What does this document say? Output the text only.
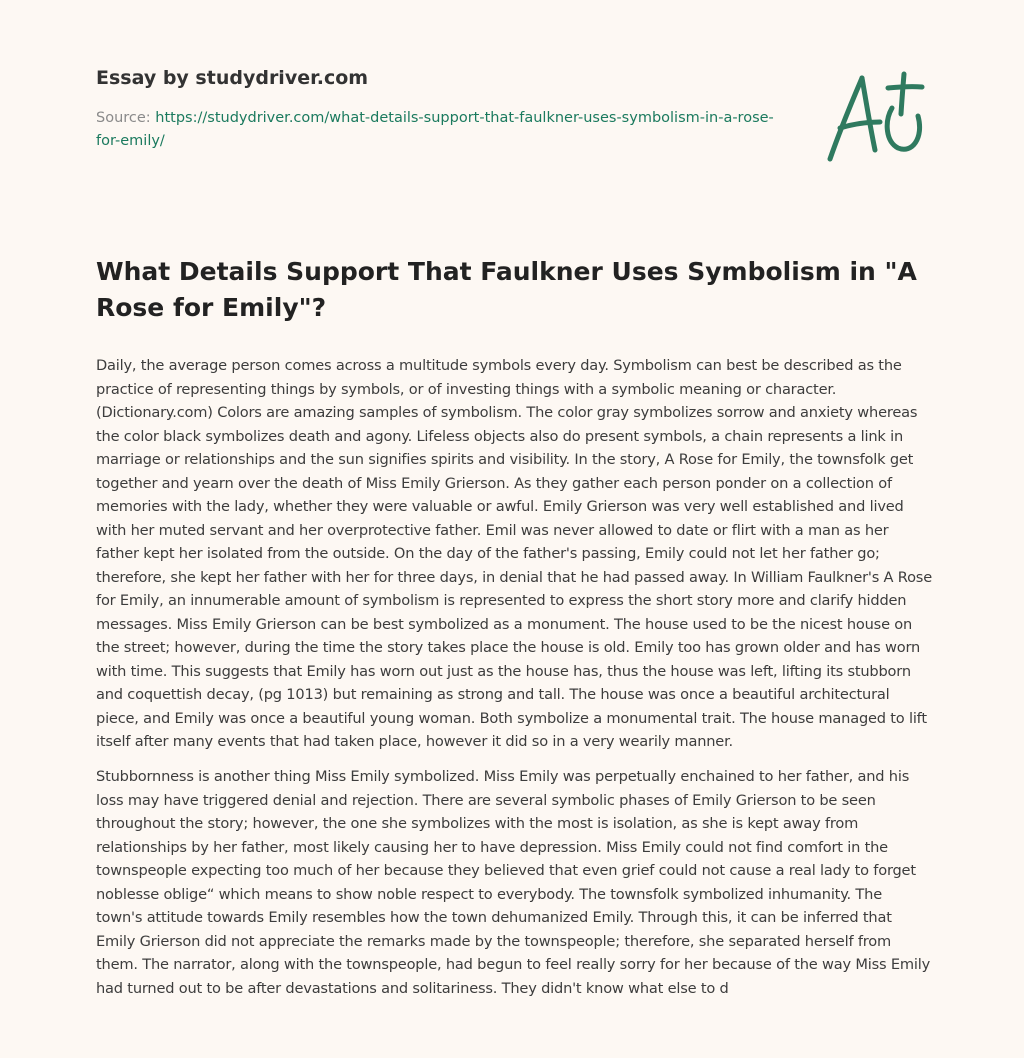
Essay by studydriver.com
Source: https://studydriver.com/what-details-support-that-faulkner-uses-symbolism-in-a-rose-for-emily/
What Details Support That Faulkner Uses Symbolism in "A Rose for Emily"?

Daily, the average person comes across a multitude symbols every day. Symbolism can best be described as the practice of representing things by symbols, or of investing things with a symbolic meaning or character. (Dictionary.com) Colors are amazing samples of symbolism. The color gray symbolizes sorrow and anxiety whereas the color black symbolizes death and agony. Lifeless objects also do present symbols, a chain represents a link in marriage or relationships and the sun signifies spirits and visibility. In the story, A Rose for Emily, the townsfolk get together and yearn over the death of Miss Emily Grierson. As they gather each person ponder on a collection of memories with the lady, whether they were valuable or awful. Emily Grierson was very well established and lived with her muted servant and her overprotective father. Emil was never allowed to date or flirt with a man as her father kept her isolated from the outside. On the day of the father's passing, Emily could not let her father go; therefore, she kept her father with her for three days, in denial that he had passed away. In William Faulkner's A Rose for Emily, an innumerable amount of symbolism is represented to express the short story more and clarify hidden messages. Miss Emily Grierson can be best symbolized as a monument. The house used to be the nicest house on the street; however, during the time the story takes place the house is old. Emily too has grown older and has worn with time. This suggests that Emily has worn out just as the house has, thus the house was left, lifting its stubborn and coquettish decay, (pg 1013) but remaining as strong and tall. The house was once a beautiful architectural piece, and Emily was once a beautiful young woman. Both symbolize a monumental trait. The house managed to lift itself after many events that had taken place, however it did so in a very wearily manner.

Stubbornness is another thing Miss Emily symbolized. Miss Emily was perpetually enchained to her father, and his loss may have triggered denial and rejection. There are several symbolic phases of Emily Grierson to be seen throughout the story; however, the one she symbolizes with the most is isolation, as she is kept away from relationships by her father, most likely causing her to have depression. Miss Emily could not find comfort in the townspeople expecting too much of her because they believed that even grief could not cause a real lady to forget noblesse oblige“ which means to show noble respect to everybody. The townsfolk symbolized inhumanity. The town's attitude towards Emily resembles how the town dehumanized Emily. Through this, it can be inferred that Emily Grierson did not appreciate the remarks made by the townspeople; therefore, she separated herself from them. The narrator, along with the townspeople, had begun to feel really sorry for her because of the way Miss Emily had turned out to be after devastations and solitariness. They didn't know what else to d
